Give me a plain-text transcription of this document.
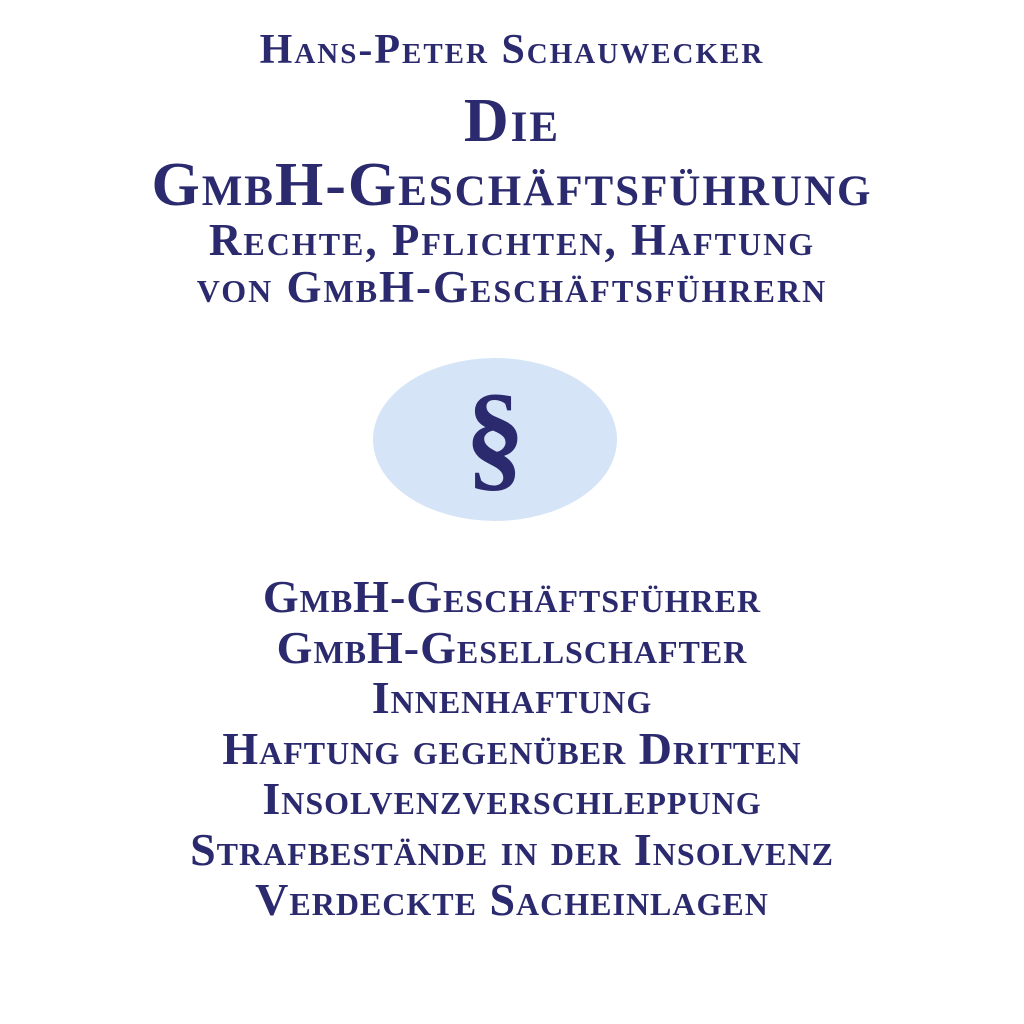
Hans-Peter Schauwecker
Die
GmbH-Geschäftsführung
Rechte, Pflichten, Haftung
von GmbH-Geschäftsführern
§
GmbH-Geschäftsführer
GmbH-Gesellschafter
Innenhaftung
Haftung gegenüber Dritten
Insolvenzverschleppung
Strafbestände in der Insolvenz
Verdeckte Sacheinlagen
